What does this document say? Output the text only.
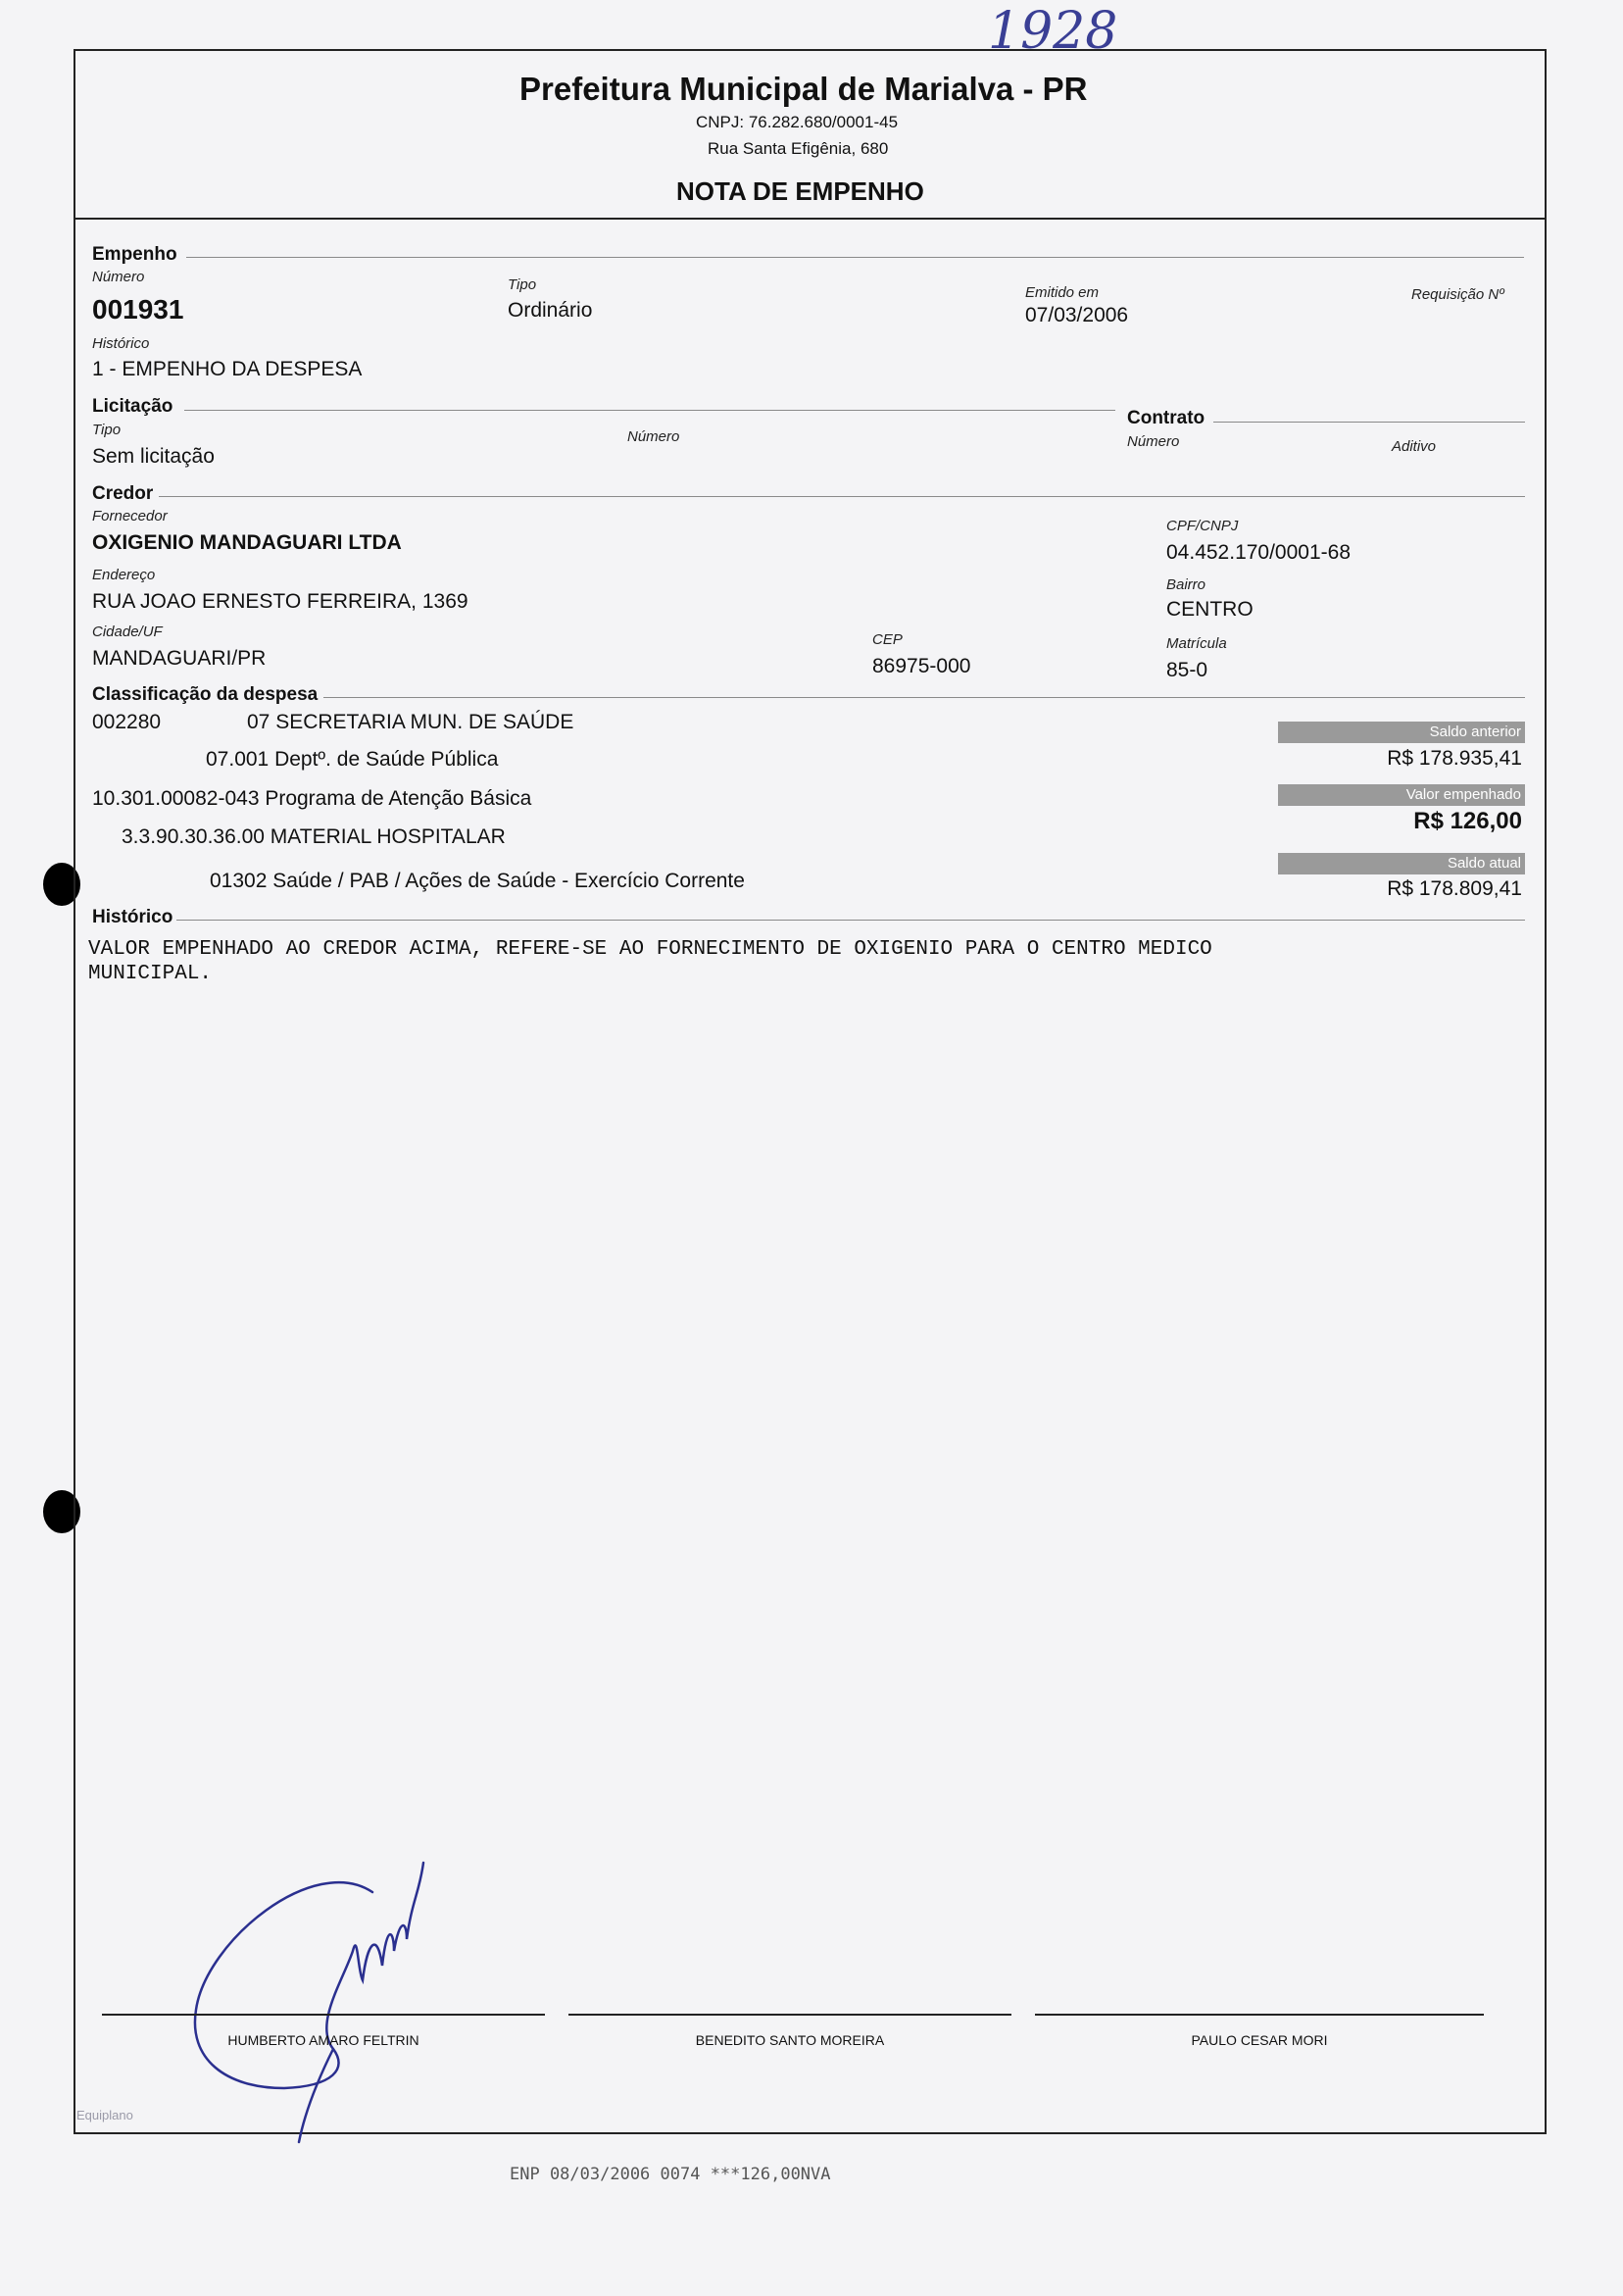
1928
Prefeitura Municipal de Marialva - PR
CNPJ: 76.282.680/0001-45
Rua Santa Efigênia, 680
NOTA DE EMPENHO
Empenho
Número
001931
Tipo
Ordinário
Emitido em
07/03/2006
Requisição Nº
Histórico
1 - EMPENHO DA DESPESA
Licitação
Contrato
Tipo
Sem licitação
Número	Número	Aditivo
Credor
Fornecedor
OXIGENIO MANDAGUARI LTDA
CPF/CNPJ
04.452.170/0001-68
Endereço
RUA JOAO ERNESTO FERREIRA, 1369
Bairro
CENTRO
Cidade/UF
MANDAGUARI/PR
CEP
86975-000
Matrícula
85-0
Classificação da despesa
002280	07 SECRETARIA MUN. DE SAÚDE
07.001 Deptº. de Saúde Pública
10.301.00082-043 Programa de Atenção Básica
3.3.90.30.36.00 MATERIAL HOSPITALAR
01302 Saúde / PAB / Ações de Saúde - Exercício Corrente
Saldo anterior
R$ 178.935,41
Valor empenhado
R$ 126,00
Saldo atual
R$ 178.809,41
Histórico
VALOR EMPENHADO AO CREDOR ACIMA, REFERE-SE AO FORNECIMENTO DE OXIGENIO PARA O CENTRO MEDICO
MUNICIPAL.
HUMBERTO AMARO FELTRIN	BENEDITO SANTO MOREIRA	PAULO CESAR MORI
Equiplano
ENP 08/03/2006 0074 ***126,00NVA
